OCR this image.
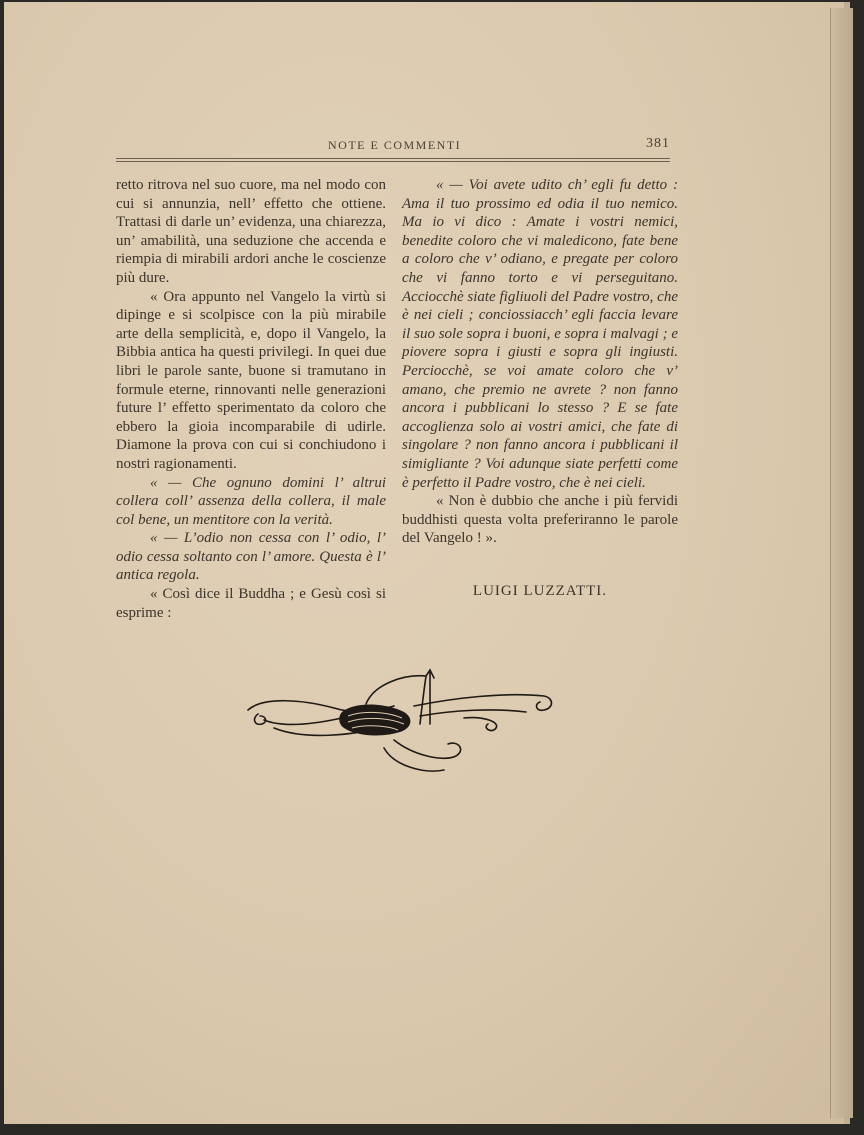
NOTE E COMMENTI	381

retto ritrova nel suo cuore, ma nel modo con cui si annunzia, nell’ effetto che ottiene. Trattasi di darle un’ evidenza, una chiarezza, un’ amabilità, una seduzione che accenda e riempia di mirabili ardori anche le coscienze più dure.

« Ora appunto nel Vangelo la virtù si dipinge e si scolpisce con la più mirabile arte della semplicità, e, dopo il Vangelo, la Bibbia antica ha questi privilegi. In quei due libri le parole sante, buone si tramutano in formule eterne, rinnovanti nelle generazioni future l’ effetto sperimentato da coloro che ebbero la gioia incomparabile di udirle. Diamone la prova con cui si conchiudono i nostri ragionamenti.

« — Che ognuno domini l’ altrui collera coll’ assenza della collera, il male col bene, un mentitore con la verità.

« — L’odio non cessa con l’ odio, l’ odio cessa soltanto con l’ amore. Questa è l’ antica regola.

« Così dice il Buddha ; e Gesù così si esprime :

« — Voi avete udito ch’ egli fu detto : Ama il tuo prossimo ed odia il tuo nemico. Ma io vi dico : Amate i vostri nemici, benedite coloro che vi maledicono, fate bene a coloro che v’ odiano, e pregate per coloro che vi fanno torto e vi perseguitano. Acciocchè siate figliuoli del Padre vostro, che è nei cieli ; conciossiacch’ egli faccia levare il suo sole sopra i buoni, e sopra i malvagi ; e piovere sopra i giusti e sopra gli ingiusti. Perciocchè, se voi amate coloro che v’ amano, che premio ne avrete ? non fanno ancora i pubblicani lo stesso ? E se fate accoglienza solo ai vostri amici, che fate di singolare ? non fanno ancora i pubblicani il simigliante ? Voi adunque siate perfetti come è perfetto il Padre vostro, che è nei cieli.

« Non è dubbio che anche i più fervidi buddhisti questa volta preferiranno le parole del Vangelo ! ».

LUIGI LUZZATTI.
